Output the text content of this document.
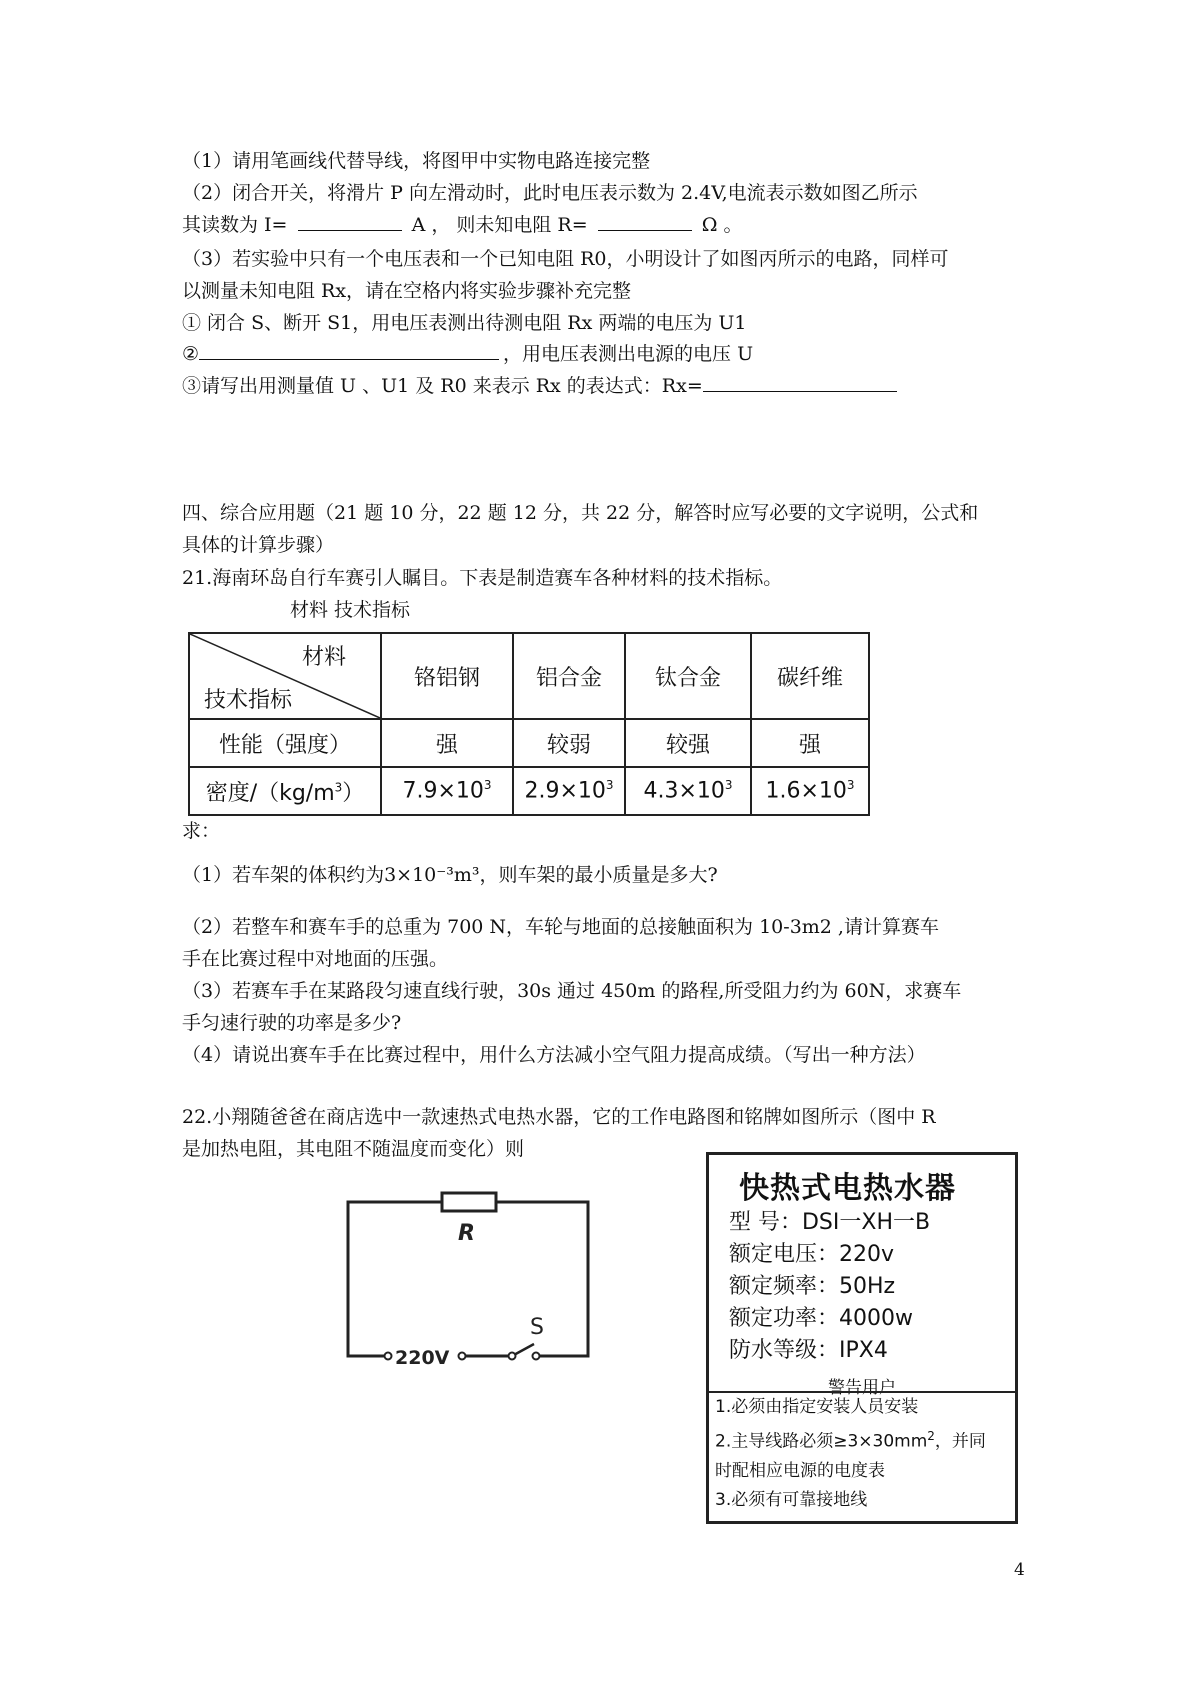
（1）请用笔画线代替导线，将图甲中实物电路连接完整
（2）闭合开关，将滑片 P 向左滑动时，此时电压表示数为 2.4V,电流表示数如图乙所示
其读数为 I=	A ， 则未知电阻 R=	Ω 。
（3）若实验中只有一个电压表和一个已知电阻 R0，小明设计了如图丙所示的电路，同样可
以测量未知电阻 Rx，请在空格内将实验步骤补充完整
① 闭合 S、断开 S1，用电压表测出待测电阻 Rx 两端的电压为 U1
②	，用电压表测出电源的电压 U
③请写出用测量值 U 、U1 及 R0 来表示 Rx 的表达式：Rx=
四、综合应用题（21 题 10 分，22 题 12 分，共 22 分，解答时应写必要的文字说明，公式和
具体的计算步骤）
21.海南环岛自行车赛引人瞩目。下表是制造赛车各种材料的技术指标。
材料 技术指标
材料
技术指标	铬铝钢	铝合金	钛合金	碳纤维
性能（强度）	强	较弱	较强	强
密度$/(kg/m^3)$	$7.9\times 10^3$	$2.9\times 10^3$	$4.3\times 10^3$	$1.6\times 10^3$
求：
（1）若车架的体积约为3×10⁻³m³，则车架的最小质量是多大?
（2）若整车和赛车手的总重为 700 N，车轮与地面的总接触面积为 10-3m2 ,请计算赛车
手在比赛过程中对地面的压强。
（3）若赛车手在某路段匀速直线行驶，30s 通过 450m 的路程,所受阻力约为 60N，求赛车
手匀速行驶的功率是多少?
（4）请说出赛车手在比赛过程中，用什么方法减小空气阻力提高成绩。（写出一种方法）
22.小翔随爸爸在商店选中一款速热式电热水器，它的工作电路图和铭牌如图所示（图中 R
是加热电阻，其电阻不随温度而变化）则
R
S
220V
快热式电热水器
型 号：DSI一XH一B
额定电压：220v
额定频率：50Hz
额定功率：4000w
防水等级：IPX4
警告用户
1.必须由指定安装人员安装
2.主导线路必须$\ge 3\times 30mm^2$，并同
时配相应电源的电度表
3.必须有可靠接地线
4
